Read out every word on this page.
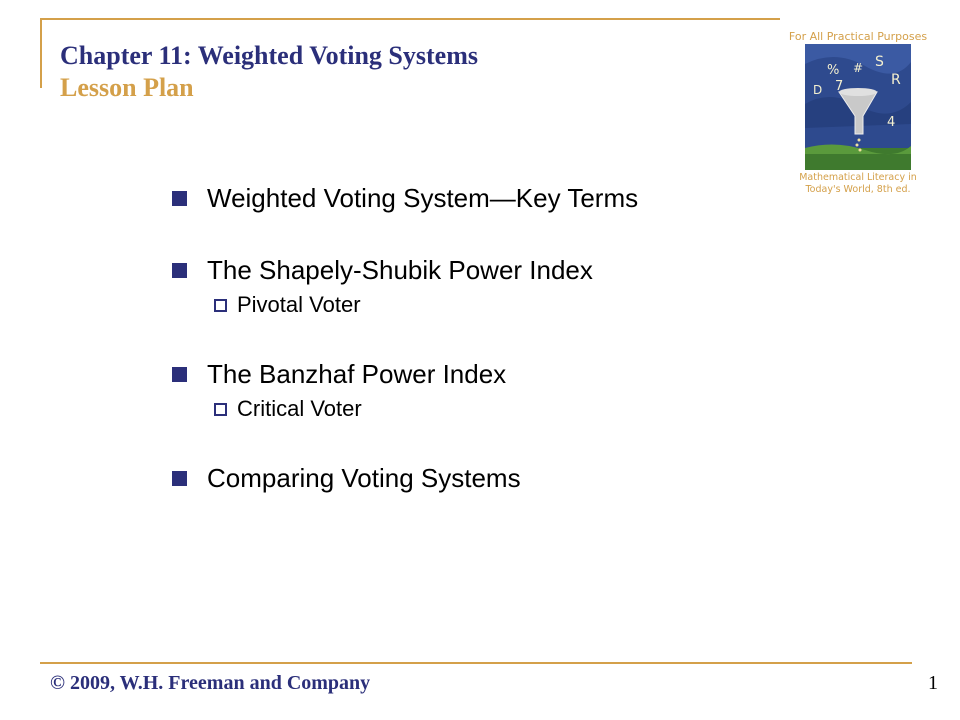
Chapter 11: Weighted Voting Systems
Lesson Plan
For All Practical Purposes
%
S
R
#
7
4
D
Mathematical Literacy in Today's World, 8th ed.
Weighted Voting System—Key Terms
The Shapely-Shubik Power Index
Pivotal Voter
The Banzhaf Power Index
Critical Voter
Comparing Voting Systems
© 2009, W.H. Freeman and Company	1
